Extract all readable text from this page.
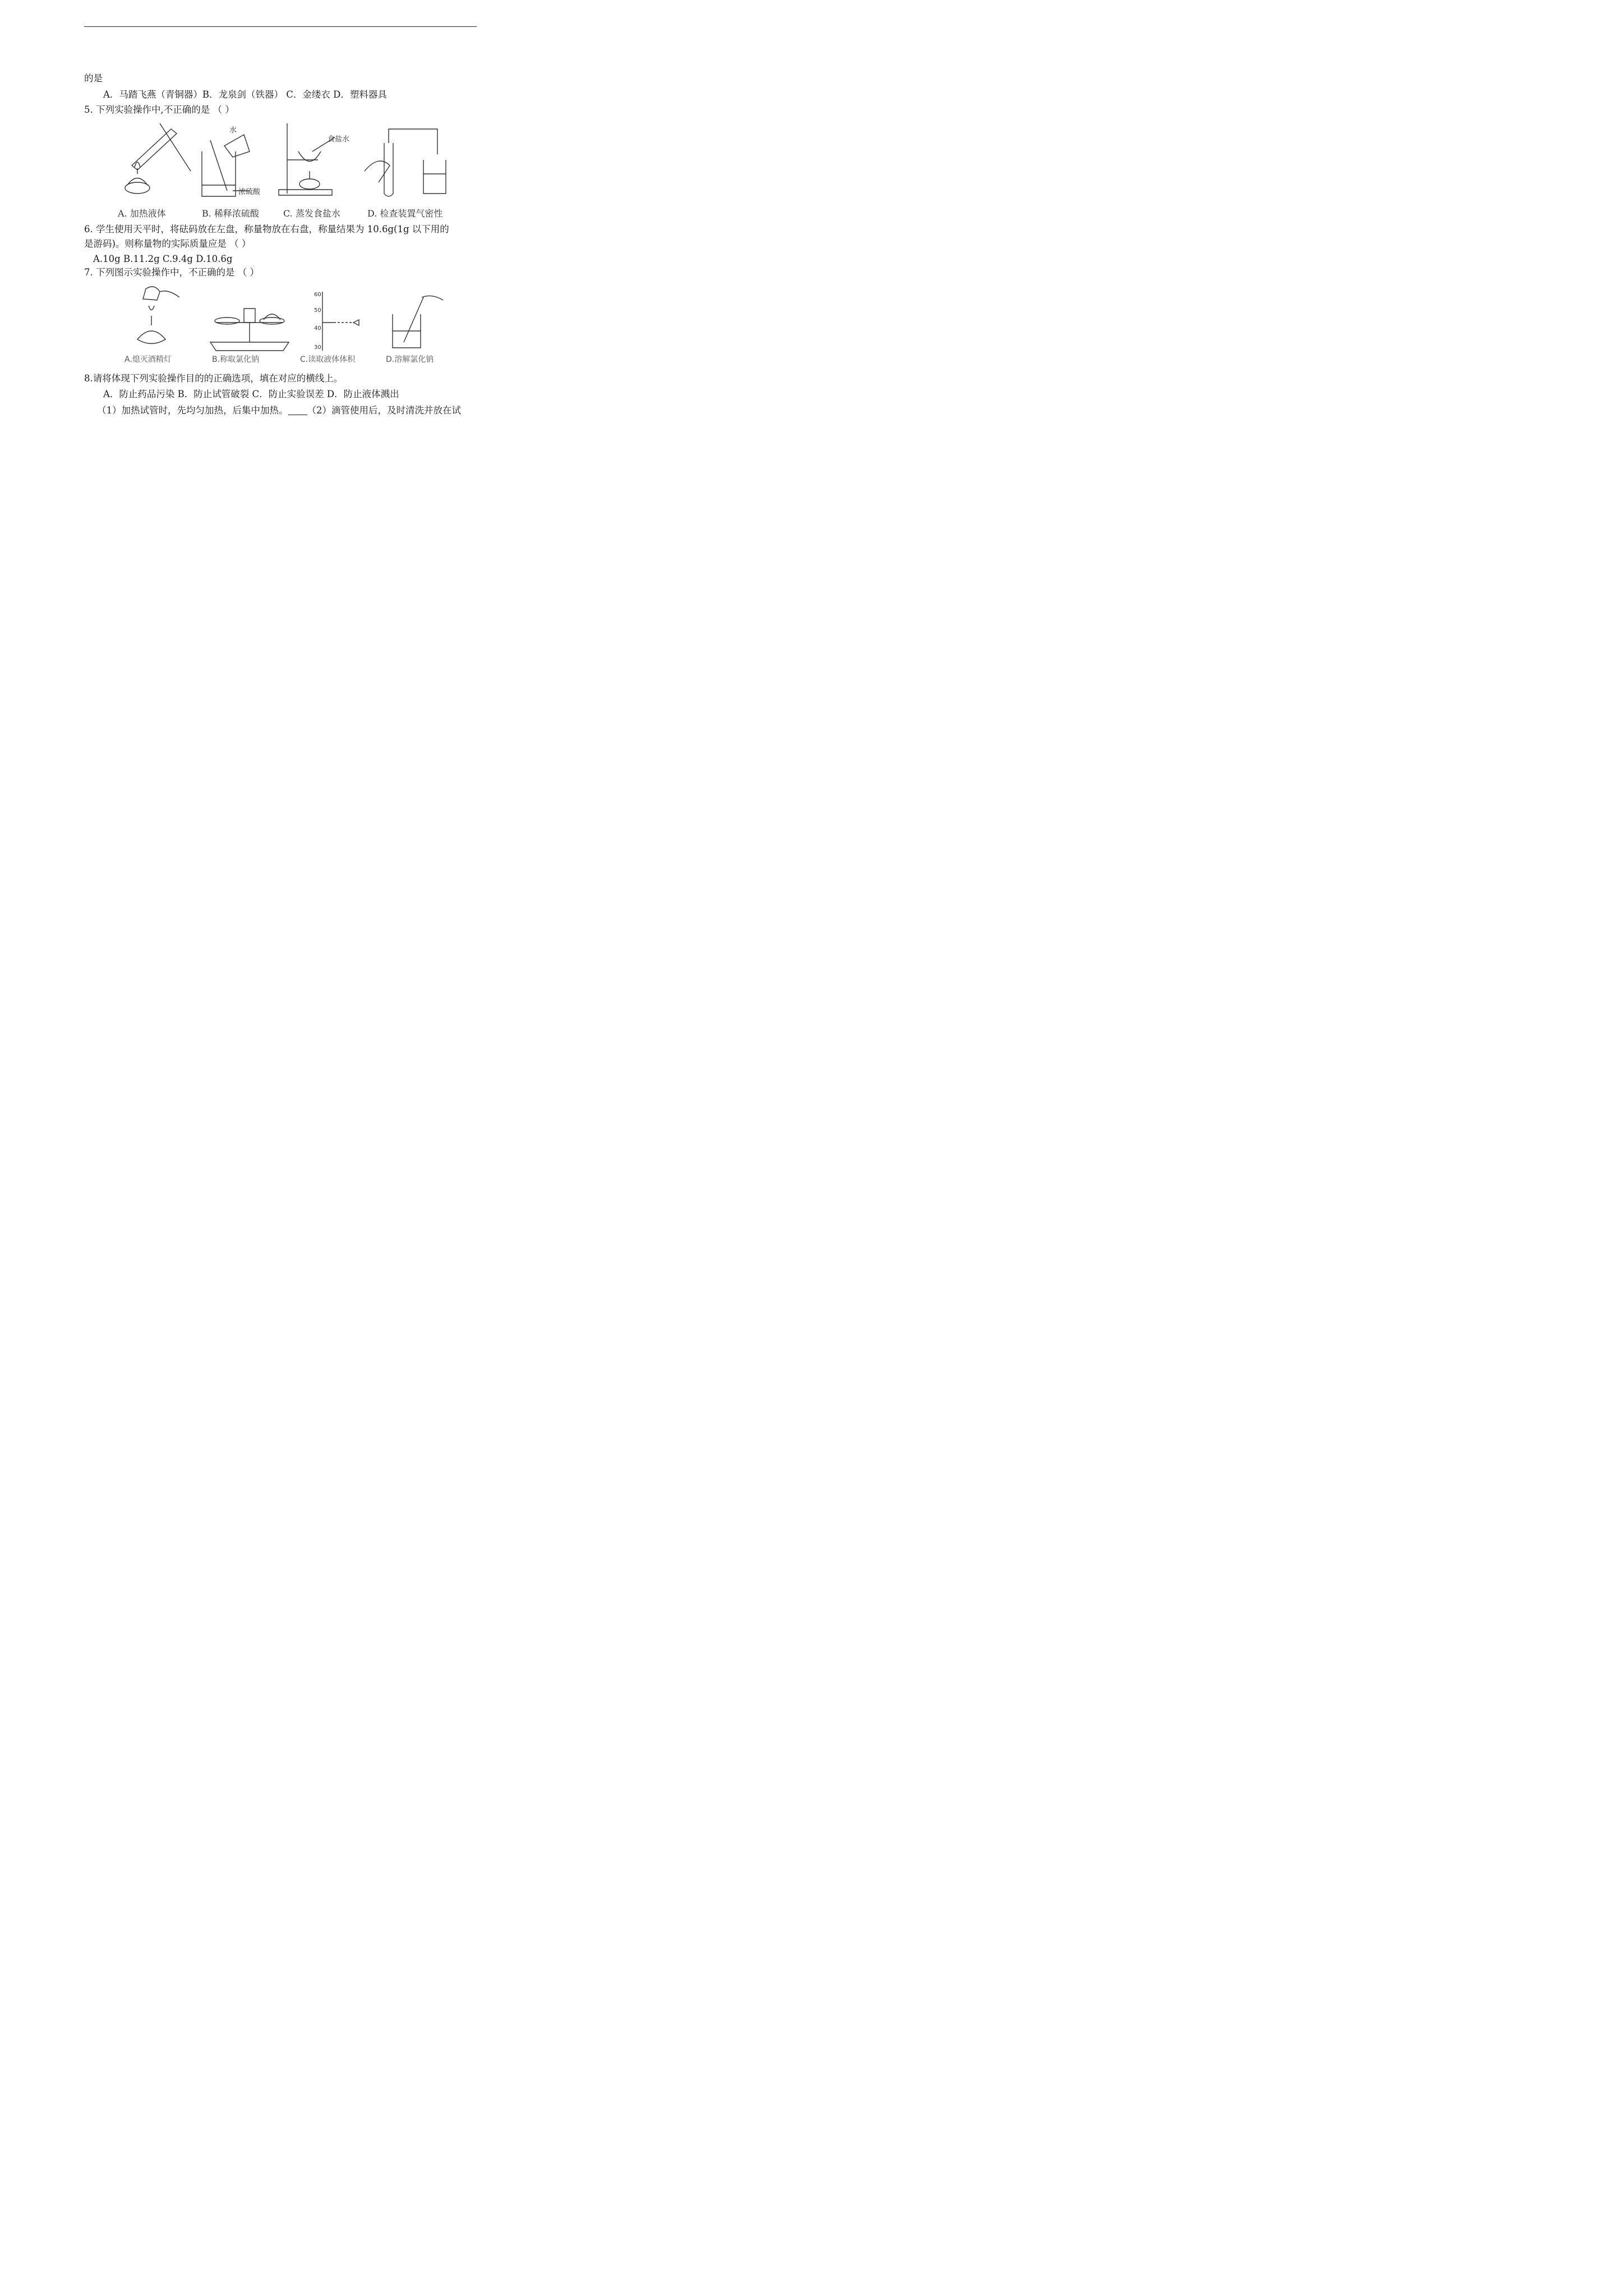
的是
A．马踏飞燕（青铜器）B．龙泉剑（铁器） C．金缕衣 D．塑料器具
5. 下列实验操作中,不正确的是 （ ）
水
浓硫酸
食盐水
A. 加热液体	B. 稀释浓硫酸	C. 蒸发食盐水	D. 检查装置气密性
6. 学生使用天平时，将砝码放在左盘，称量物放在右盘，称量结果为 10.6g(1g 以下用的
是游码)。则称量物的实际质量应是 （ ）
A.10g B.11.2g C.9.4g D.10.6g
7. 下列图示实验操作中，不正确的是 （ ）
60
50
40
30
A.熄灭酒精灯	B.称取氯化钠	C.读取液体体积	D.溶解氯化钠
8.请将体现下列实验操作目的的正确选项，填在对应的横线上。
A．防止药品污染 B．防止试管破裂 C．防止实验误差 D．防止液体溅出
（1）加热试管时，先均匀加热，后集中加热。 （2）滴管使用后，及时清洗并放在试
